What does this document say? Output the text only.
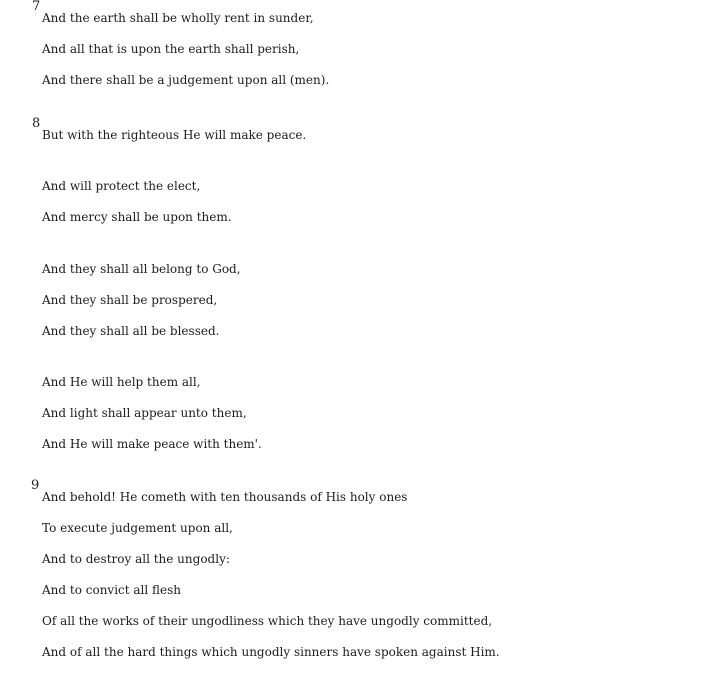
7
And the earth shall be wholly rent in sunder,
And all that is upon the earth shall perish,
And there shall be a judgement upon all (men).
8
But with the righteous He will make peace.
And will protect the elect,
And mercy shall be upon them.
And they shall all belong to God,
And they shall be prospered,
And they shall all be blessed.
And He will help them all,
And light shall appear unto them,
And He will make peace with them'.
9
And behold! He cometh with ten thousands of His holy ones
To execute judgement upon all,
And to destroy all the ungodly:
And to convict all flesh
Of all the works of their ungodliness which they have ungodly committed,
And of all the hard things which ungodly sinners have spoken against Him.
